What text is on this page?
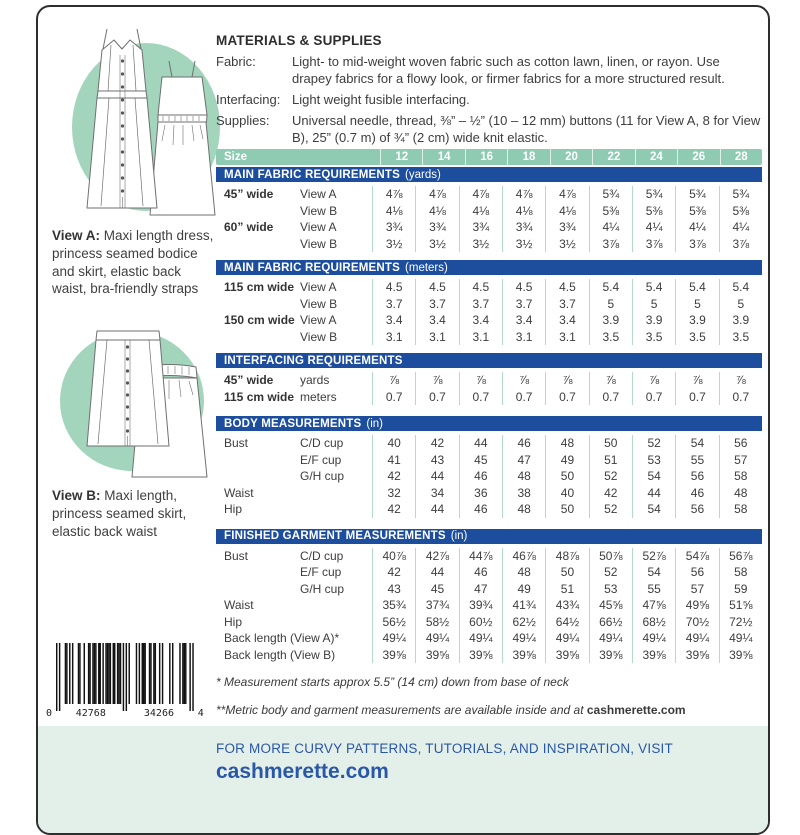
View A: Maxi length dress, princess seamed bodice and skirt, elastic back waist, bra-friendly straps

View B: Maxi length, princess seamed skirt, elastic back waist

0 42768	34266 4
MATERIALS & SUPPLIES
Fabric:	Light- to mid-weight woven fabric such as cotton lawn, linen, or rayon. Use drapey fabrics for a flowy look, or firmer fabrics for a more structured result.
Interfacing: Light weight fusible interfacing.
Supplies:	Universal needle, thread, ⅜” – ½” (10 – 12 mm) buttons (11 for View A, 8 for View B), 25” (0.7 m) of ¾” (2 cm) wide knit elastic.
Size	12	14	16	18	20	22	24	26	28
MAIN FABRIC REQUIREMENTS (yards)
45” wide	View A	4⅞	4⅞	4⅞	4⅞	4⅞	5¾	5¾	5¾	5¾
View B	4⅛	4⅛	4⅛	4⅛	4⅛	5⅜	5⅜	5⅜	5⅜
60” wide	View A	3¾	3¾	3¾	3¾	3¾	4¼	4¼	4¼	4¼
View B	3½	3½	3½	3½	3½	3⅞	3⅞	3⅞	3⅞
MAIN FABRIC REQUIREMENTS (meters)
115 cm wide View A	4.5	4.5	4.5	4.5	4.5	5.4	5.4	5.4	5.4
View B	3.7	3.7	3.7	3.7	3.7	5	5	5	5
150 cm wide View A	3.4	3.4	3.4	3.4	3.4	3.9	3.9	3.9	3.9
View B	3.1	3.1	3.1	3.1	3.1	3.5	3.5	3.5	3.5
INTERFACING REQUIREMENTS
45” wide	yards	⅞	⅞	⅞	⅞	⅞	⅞	⅞	⅞	⅞
115 cm wide meters	0.7	0.7	0.7	0.7	0.7	0.7	0.7	0.7	0.7
BODY MEASUREMENTS (in)
Bust	C/D cup	40	42	44	46	48	50	52	54	56
E/F cup	41	43	45	47	49	51	53	55	57
G/H cup	42	44	46	48	50	52	54	56	58
Waist	32	34	36	38	40	42	44	46	48
Hip	42	44	46	48	50	52	54	56	58
FINISHED GARMENT MEASUREMENTS (in)
Bust	C/D cup	40⅞	42⅞	44⅞	46⅞	48⅞	50⅞	52⅞	54⅞	56⅞
E/F cup	42	44	46	48	50	52	54	56	58
G/H cup	43	45	47	49	51	53	55	57	59
Waist	35¾	37¾	39¾	41¾	43¾	45⅝	47⅝	49⅝	51⅝
Hip	56½	58½	60½	62½	64½	66½	68½	70½	72½
Back length (View A)*	49¼	49¼	49¼	49¼	49¼	49¼	49¼	49¼	49¼
Back length (View B)	39⅝	39⅝	39⅝	39⅝	39⅝	39⅝	39⅝	39⅝	39⅝

* Measurement starts approx 5.5” (14 cm) down from base of neck

**Metric body and garment measurements are available inside and at cashmerette.com

FOR MORE CURVY PATTERNS, TUTORIALS, AND INSPIRATION, VISIT
cashmerette.com
